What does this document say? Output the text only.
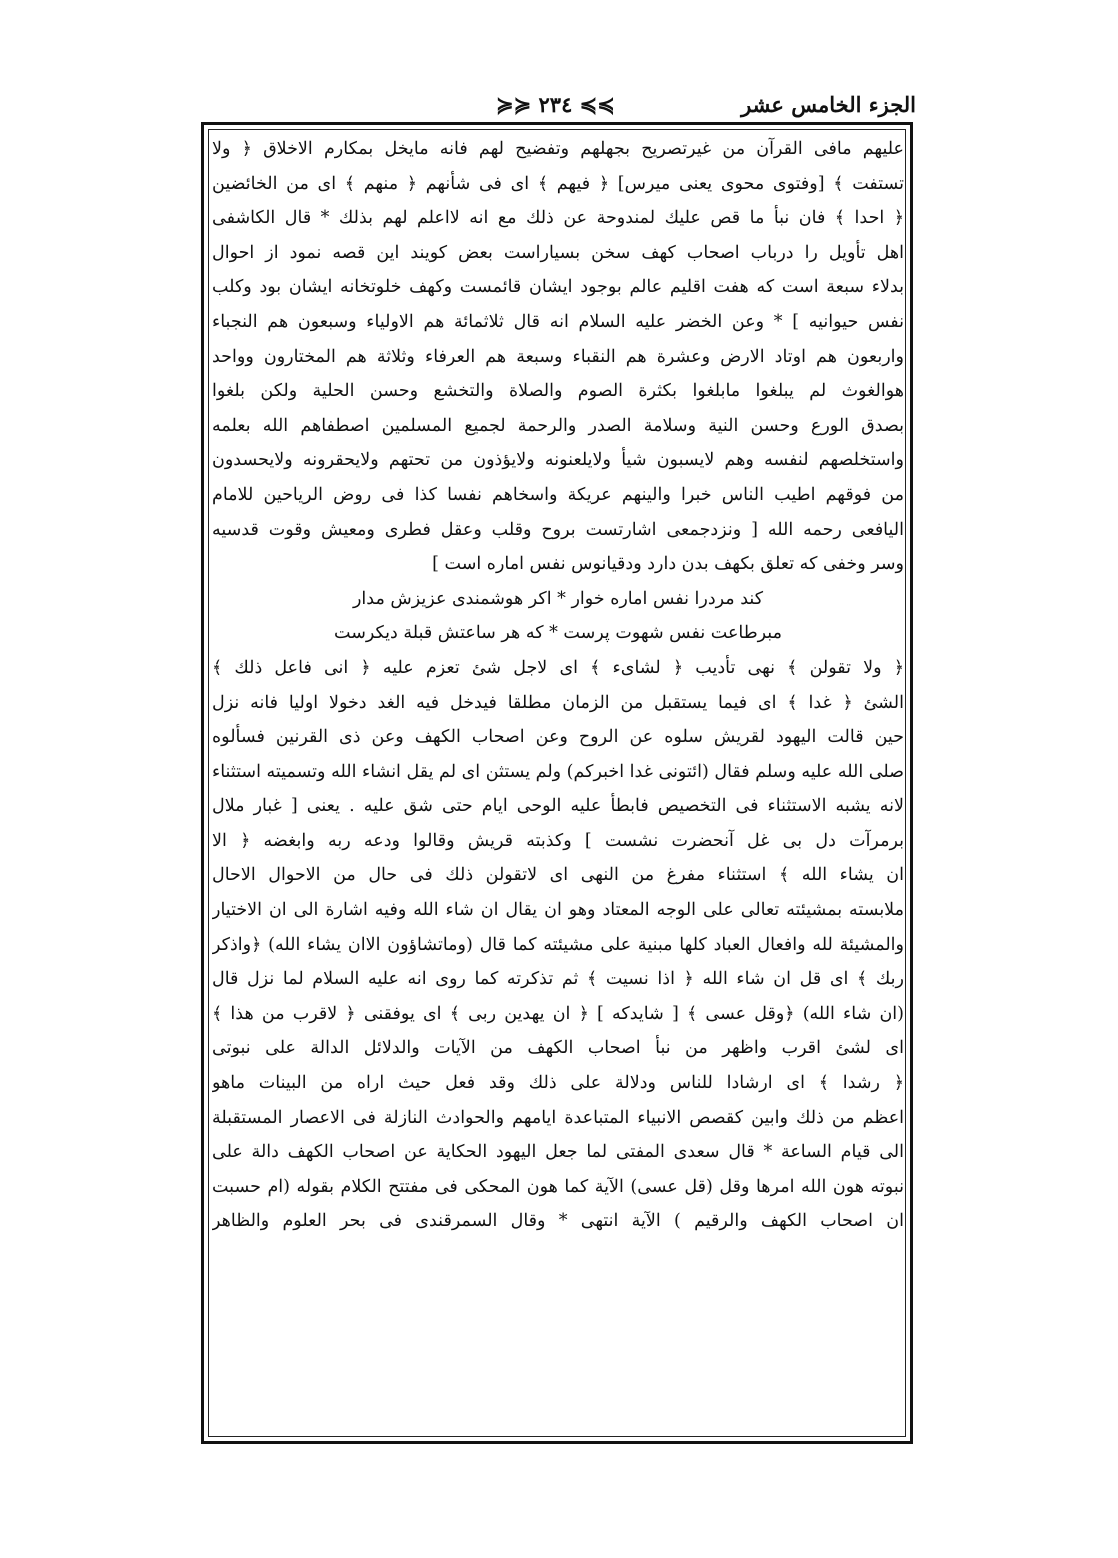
الجزء الخامس عشر
≽≽ ٢٣٤ ≼≼
عليهم مافى القرآن من غيرتصريح بجهلهم وتفضيح لهم فانه مايخل بمكارم الاخلاق ﴿ ولا
تستفت ﴾ [وفتوى محوى يعنى ميرس] ﴿ فيهم ﴾ اى فى شأنهم ﴿ منهم ﴾ اى من الخائضين
﴿ احدا ﴾ فان نبأ ما قص عليك لمندوحة عن ذلك مع انه لااعلم لهم بذلك * قال الكاشفى
اهل تأويل را درباب اصحاب كهف سخن بسياراست بعض كويند اين قصه نمود از احوال
بدلاء سبعة است كه هفت اقليم عالم بوجود ايشان قائمست وكهف خلوتخانه ايشان بود وكلب
نفس حيوانيه ] * وعن الخضر عليه السلام انه قال ثلاثمائة هم الاولياء وسبعون هم النجباء
واربعون هم اوتاد الارض وعشرة هم النقباء وسبعة هم العرفاء وثلاثة هم المختارون وواحد
هوالغوث لم يبلغوا مابلغوا بكثرة الصوم والصلاة والتخشع وحسن الحلية ولكن بلغوا
بصدق الورع وحسن النية وسلامة الصدر والرحمة لجميع المسلمين اصطفاهم الله بعلمه
واستخلصهم لنفسه وهم لايسبون شيأ ولايلعنونه ولايؤذون من تحتهم ولايحقرونه ولايحسدون
من فوقهم اطيب الناس خبرا والينهم عريكة واسخاهم نفسا كذا فى روض الرياحين للامام
اليافعى رحمه الله [ ونزدجمعى اشارتست بروح وقلب وعقل فطرى ومعيش وقوت قدسيه
وسر وخفى كه تعلق بكهف بدن دارد ودقيانوس نفس اماره است ]
كند مردرا نفس اماره خوار * اكر هوشمندى عزيزش مدار
مبرطاعت نفس شهوت پرست * كه هر ساعتش قبلة ديكرست
﴿ ولا تقولن ﴾ نهى تأديب ﴿ لشاىء ﴾ اى لاجل شئ تعزم عليه ﴿ انى فاعل ذلك ﴾
الشئ ﴿ غدا ﴾ اى فيما يستقبل من الزمان مطلقا فيدخل فيه الغد دخولا اوليا فانه نزل
حين قالت اليهود لقريش سلوه عن الروح وعن اصحاب الكهف وعن ذى القرنين فسألوه
صلى الله عليه وسلم فقال (ائتونى غدا اخبركم) ولم يستثن اى لم يقل انشاء الله وتسميته استثناء
لانه يشبه الاستثناء فى التخصيص فابطأ عليه الوحى ايام حتى شق عليه . يعنى [ غبار ملال
برمرآت دل بى غل آنحضرت نشست ] وكذبته قريش وقالوا ودعه ربه وابغضه ﴿ الا
ان يشاء الله ﴾ استثناء مفرغ من النهى اى لاتقولن ذلك فى حال من الاحوال الاحال
ملابسته بمشيئته تعالى على الوجه المعتاد وهو ان يقال ان شاء الله وفيه اشارة الى ان الاختيار
والمشيئة لله وافعال العباد كلها مبنية على مشيئته كما قال (وماتشاؤون الاان يشاء الله) ﴿واذكر
ربك ﴾ اى قل ان شاء الله ﴿ اذا نسيت ﴾ ثم تذكرته كما روى انه عليه السلام لما نزل قال
(ان شاء الله) ﴿وقل عسى ﴾ [ شايدكه ] ﴿ ان يهدين ربى ﴾ اى يوفقنى ﴿ لاقرب من هذا ﴾
اى لشئ اقرب واظهر من نبأ اصحاب الكهف من الآيات والدلائل الدالة على نبوتى
﴿ رشدا ﴾ اى ارشادا للناس ودلالة على ذلك وقد فعل حيث اراه من البينات ماهو
اعظم من ذلك وابين كقصص الانبياء المتباعدة ايامهم والحوادث النازلة فى الاعصار المستقبلة
الى قيام الساعة * قال سعدى المفتى لما جعل اليهود الحكاية عن اصحاب الكهف دالة على
نبوته هون الله امرها وقل (قل عسى) الآية كما هون المحكى فى مفتتح الكلام بقوله (ام حسبت
ان اصحاب الكهف والرقيم ) الآية انتهى * وقال السمرقندى فى بحر العلوم والظاهر
